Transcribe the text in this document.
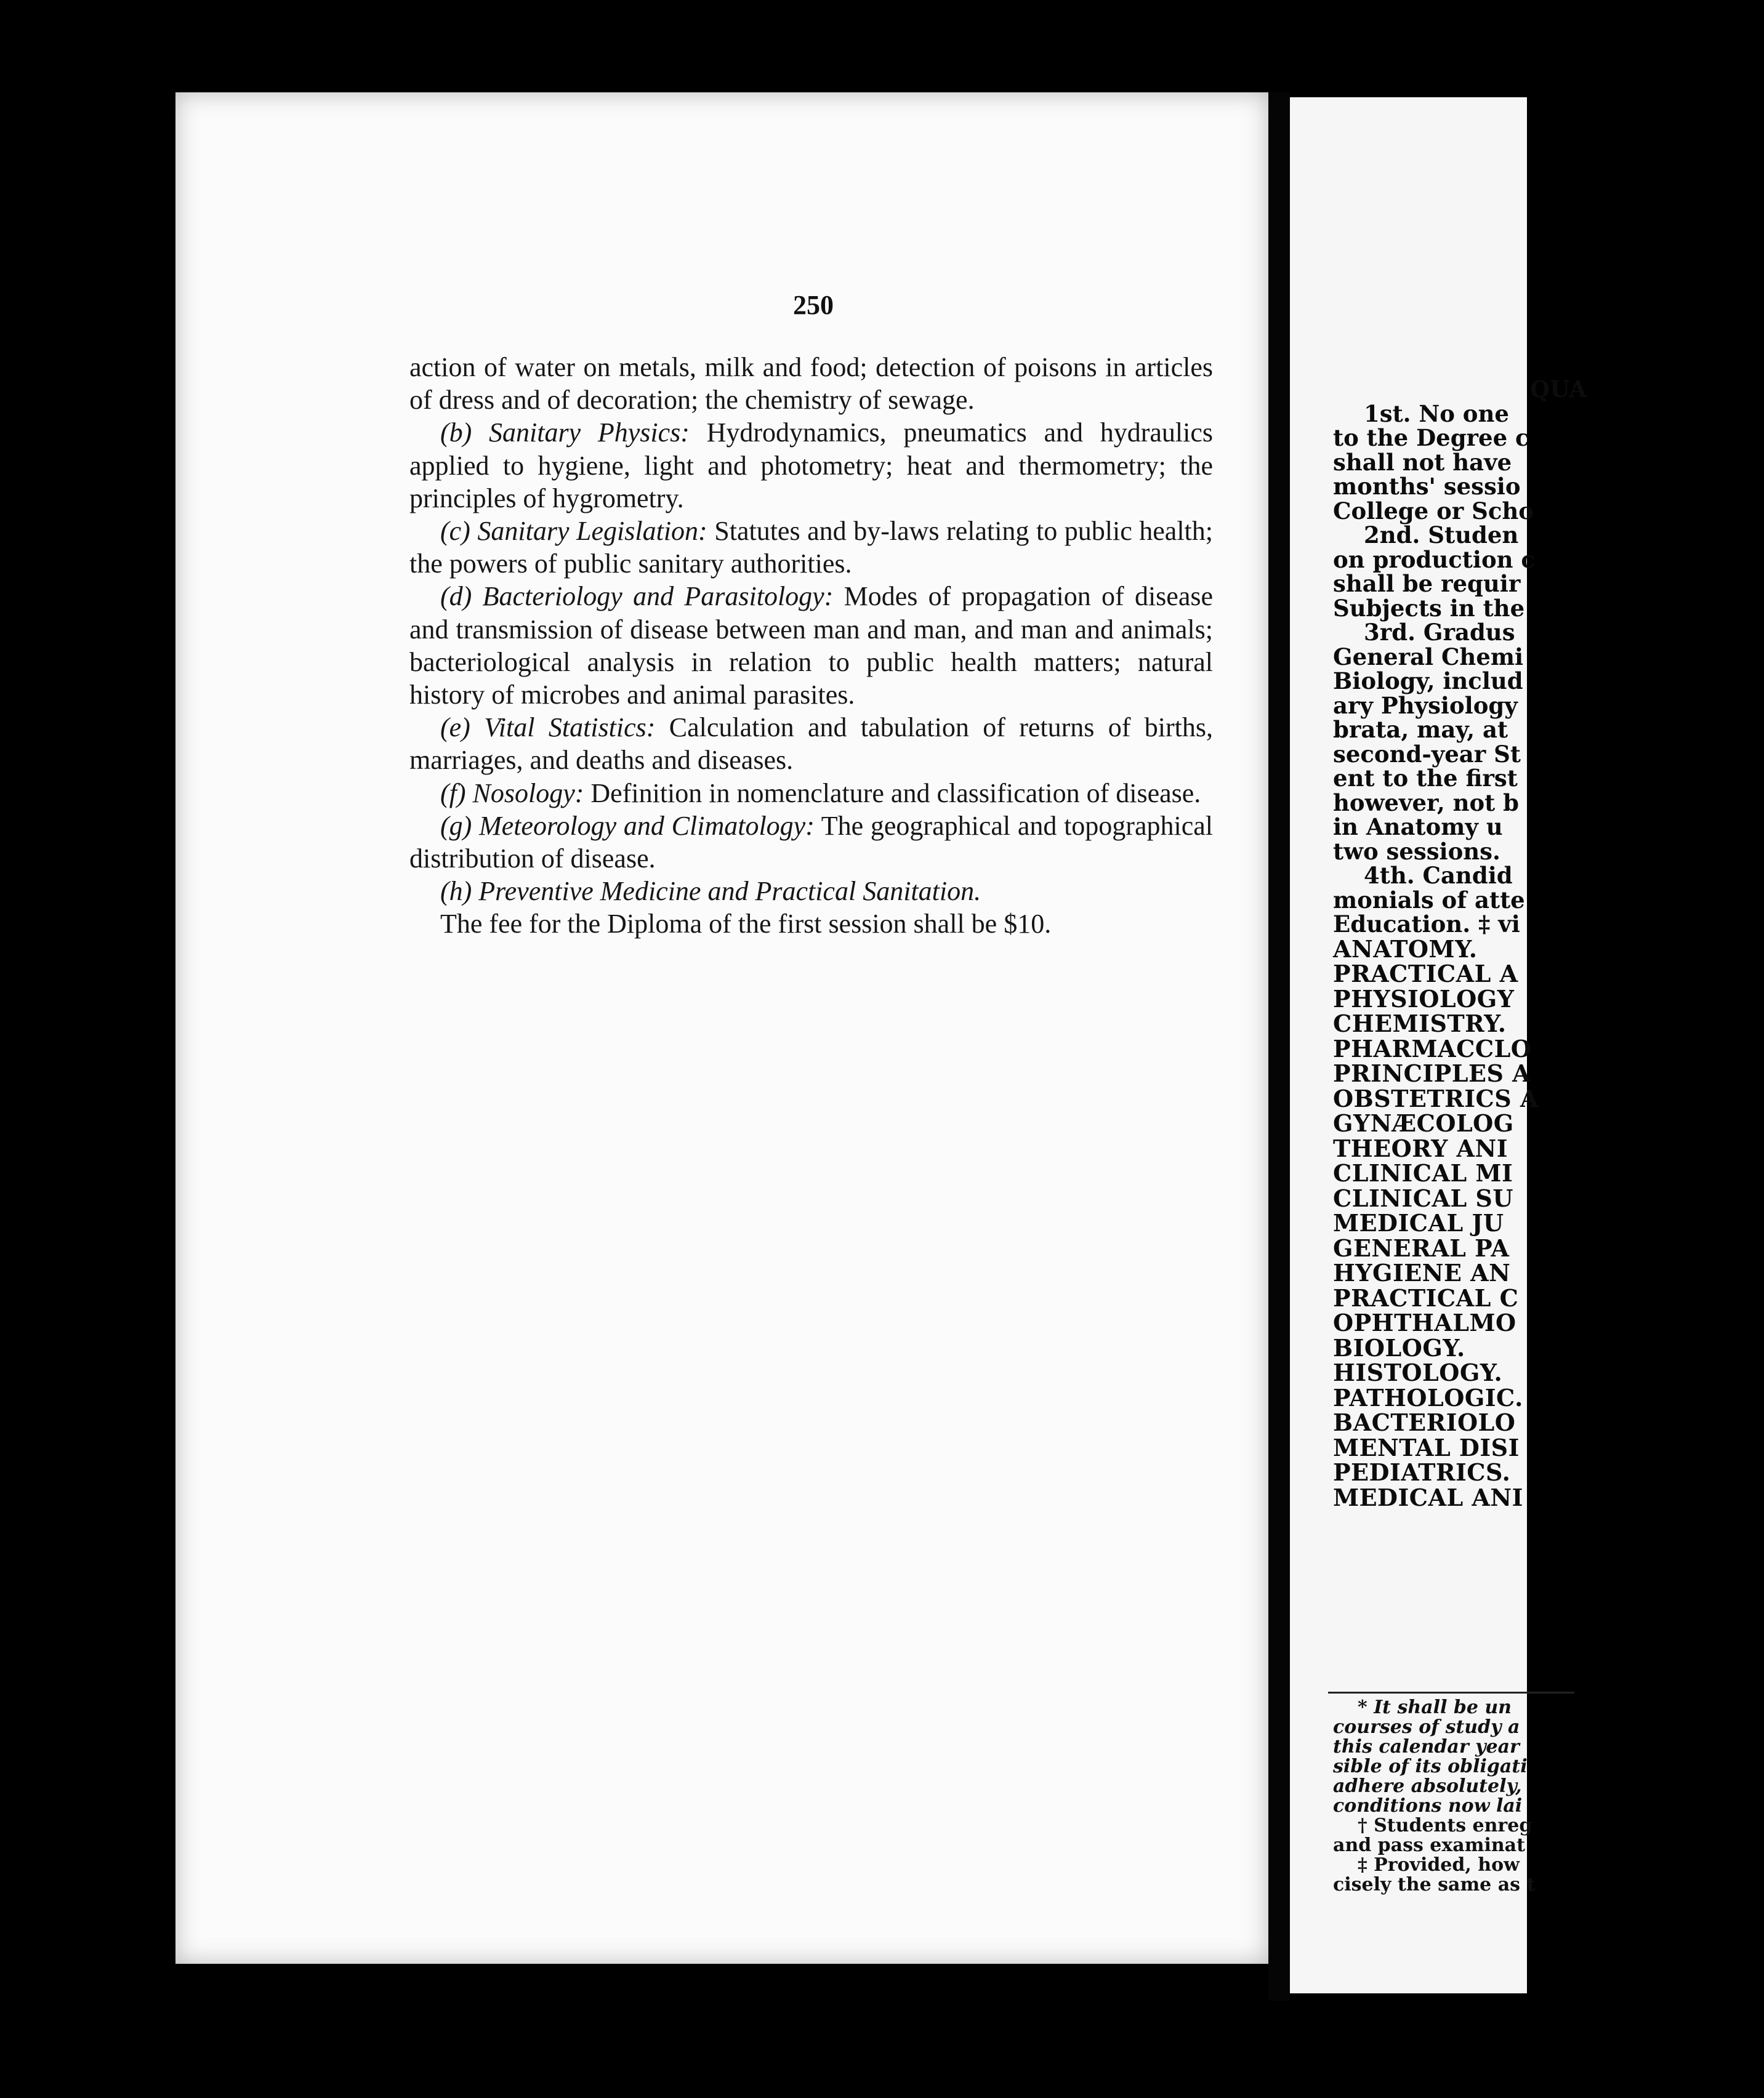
250

action of water on metals, milk and food; detection of poisons in articles of dress and of decoration; the chemistry of sewage.

(b) Sanitary Physics: Hydrodynamics, pneumatics and hydraulics applied to hygiene, light and photometry; heat and thermometry; the principles of hygrometry.

(c) Sanitary Legislation: Statutes and by-laws relating to public health; the powers of public sanitary authorities.

(d) Bacteriology and Parasitology: Modes of propagation of disease and transmission of disease between man and man, and man and animals; bacteriological analysis in relation to public health matters; natural history of microbes and animal parasites.

(e) Vital Statistics: Calculation and tabulation of returns of births, marriages, and deaths and diseases.

(f) Nosology: Definition in nomenclature and classification of disease.

(g) Meteorology and Climatology: The geographical and topographical distribution of disease.

(h) Preventive Medicine and Practical Sanitation.

The fee for the Diploma of the first session shall be $10.

QUA
1st. No one
to the Degree c
shall not have
months' sessio
College or Scho
2nd. Studen
on production c
shall be requir
Subjects in the
3rd. Gradus
General Chemi
Biology, includ
ary Physiology
brata, may, at
second-year St
ent to the first
however, not b
in Anatomy u
two sessions.
4th. Candid
monials of atte
Education. ‡ vi
ANATOMY.
PRACTICAL A
PHYSIOLOGY
CHEMISTRY.
PHARMACCLO
PRINCIPLES A
OBSTETRICS A
GYNÆCOLOG
THEORY ANI
CLINICAL MI
CLINICAL SU
MEDICAL JU
GENERAL PA
HYGIENE AN
PRACTICAL C
OPHTHALMO
BIOLOGY.
HISTOLOGY.
PATHOLOGIC.
BACTERIOLO
MENTAL DISI
PEDIATRICS.
MEDICAL ANI
* It shall be un
courses of study a
this calendar year
sible of its obligati
adhere absolutely,
conditions now lai
† Students enreg
and pass examinat
‡ Provided, how
cisely the same as t
